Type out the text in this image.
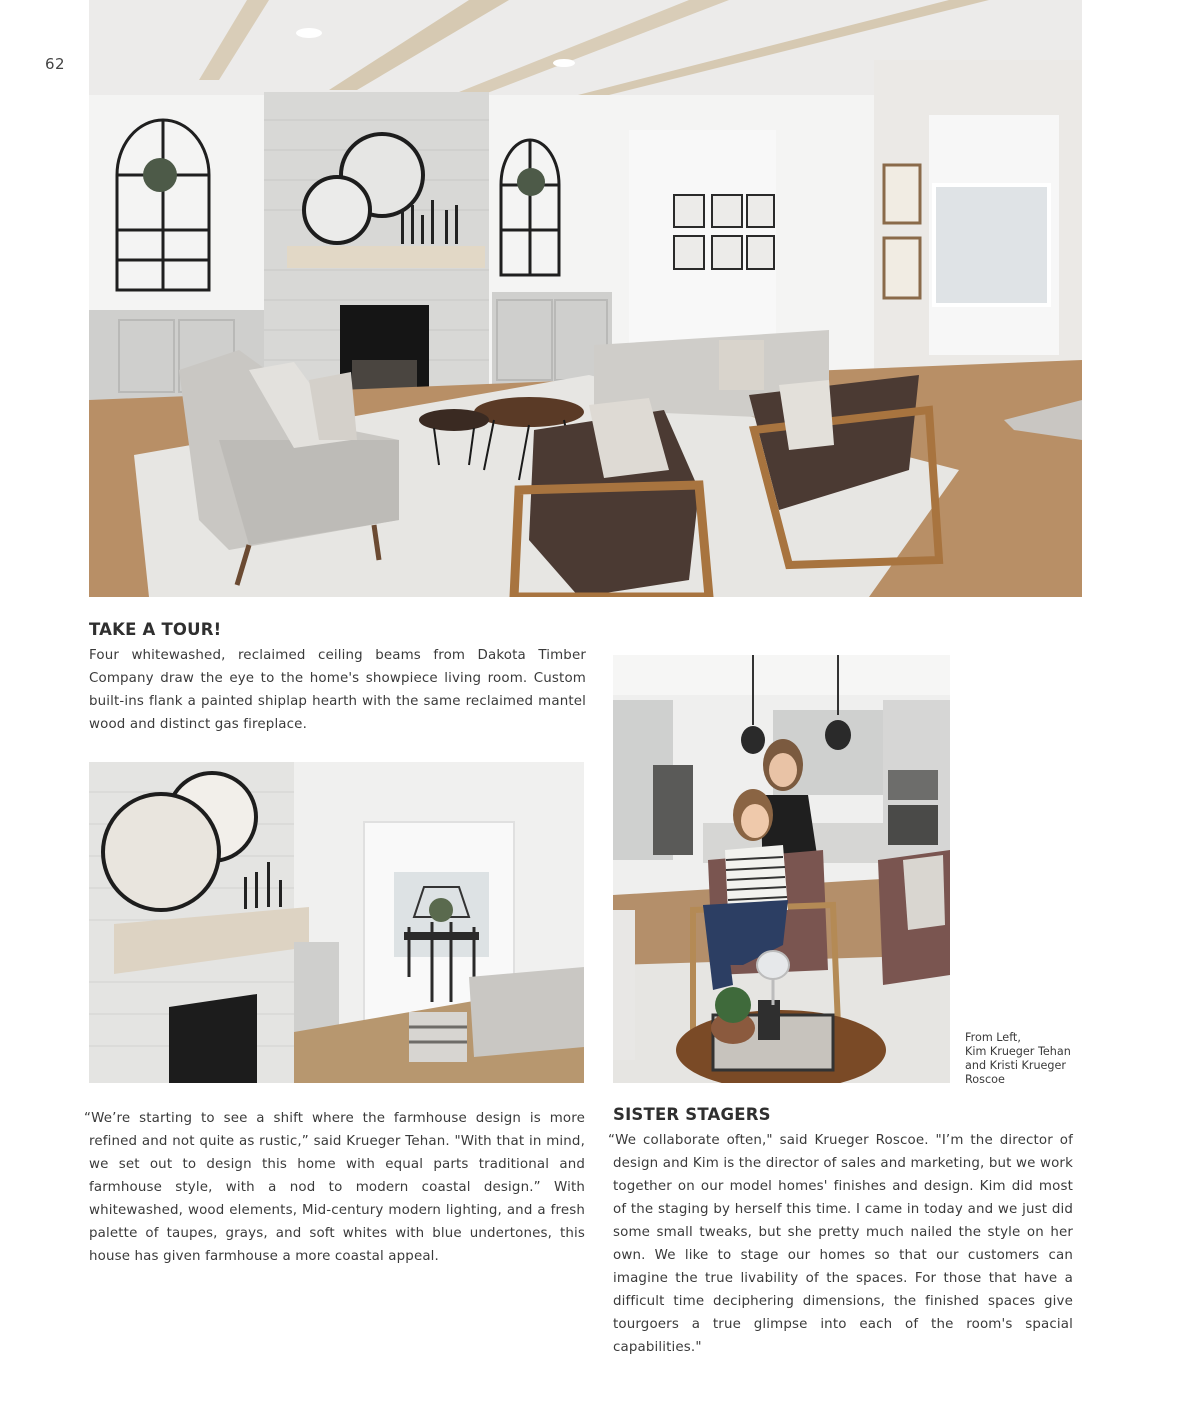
62
TAKE A TOUR!

Four whitewashed, reclaimed ceiling beams from Dakota Timber Company draw the eye to the home's showpiece living room. Custom built-ins flank a painted shiplap hearth with the same reclaimed mantel wood and distinct gas fireplace.

From Left,
Kim Krueger Tehan
and Kristi Krueger
Roscoe

“We’re starting to see a shift where the farmhouse design is more refined and not quite as rustic,” said Krueger Tehan. "With that in mind, we set out to design this home with equal parts traditional and farmhouse style, with a nod to modern coastal design.” With whitewashed, wood elements, Mid-century modern lighting, and a fresh palette of taupes, grays, and soft whites with blue undertones, this house has given farmhouse a more coastal appeal.

SISTER STAGERS

“We collaborate often," said Krueger Roscoe. "I’m the director of design and Kim is the director of sales and marketing, but we work together on our model homes' finishes and design. Kim did most of the staging by herself this time. I came in today and we just did some small tweaks, but she pretty much nailed the style on her own. We like to stage our homes so that our customers can imagine the true livability of the spaces. For those that have a difficult time deciphering dimensions, the finished spaces give tourgoers a true glimpse into each of the room's spacial capabilities."
